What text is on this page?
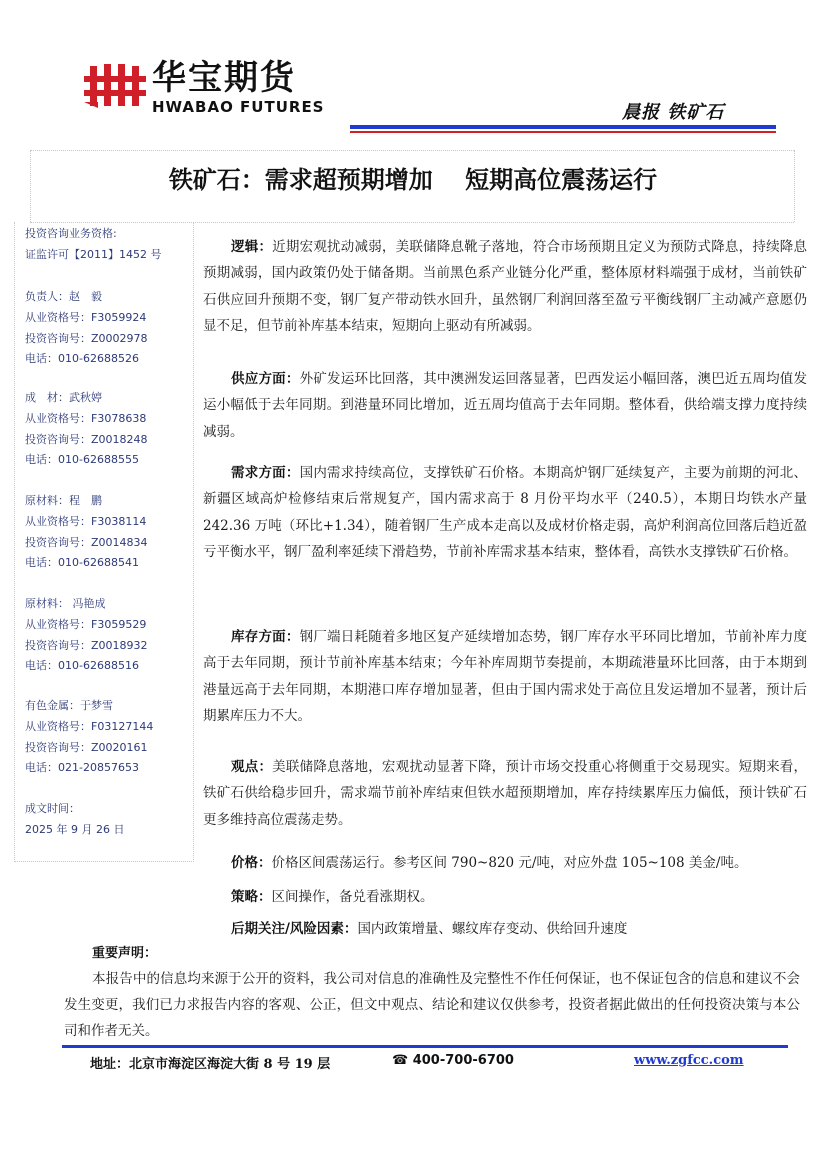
华宝期货
HWABAO FUTURES	晨报 铁矿石
铁矿石：需求超预期增加　 短期高位震荡运行
投资咨询业务资格:
证监许可【2011】1452 号
负责人：赵　毅
从业资格号：F3059924
投资咨询号：Z0002978
电话：010-62688526
成　材：武秋婷
从业资格号：F3078638
投资咨询号：Z0018248
电话：010-62688555
原材料：程　鹏
从业资格号：F3038114
投资咨询号：Z0014834
电话：010-62688541
原材料： 冯艳成
从业资格号：F3059529
投资咨询号：Z0018932
电话：010-62688516
有色金属：于梦雪
从业资格号：F03127144
投资咨询号：Z0020161
电话：021-20857653
成文时间：
2025 年 9 月 26 日

逻辑：近期宏观扰动减弱，美联储降息靴子落地，符合市场预期且定义为预防式降息，持续降息预期减弱，国内政策仍处于储备期。当前黑色系产业链分化严重，整体原材料端强于成材，当前铁矿石供应回升预期不变，钢厂复产带动铁水回升，虽然钢厂利润回落至盈亏平衡线钢厂主动减产意愿仍显不足，但节前补库基本结束，短期向上驱动有所减弱。

供应方面：外矿发运环比回落，其中澳洲发运回落显著，巴西发运小幅回落，澳巴近五周均值发运小幅低于去年同期。到港量环同比增加，近五周均值高于去年同期。整体看，供给端支撑力度持续减弱。

需求方面：国内需求持续高位，支撑铁矿石价格。本期高炉钢厂延续复产，主要为前期的河北、新疆区域高炉检修结束后常规复产，国内需求高于 8 月份平均水平（240.5），本期日均铁水产量 242.36 万吨（环比+1.34），随着钢厂生产成本走高以及成材价格走弱，高炉利润高位回落后趋近盈亏平衡水平，钢厂盈利率延续下滑趋势，节前补库需求基本结束，整体看，高铁水支撑铁矿石价格。

库存方面：钢厂端日耗随着多地区复产延续增加态势，钢厂库存水平环同比增加，节前补库力度高于去年同期，预计节前补库基本结束；今年补库周期节奏提前，本期疏港量环比回落，由于本期到港量远高于去年同期，本期港口库存增加显著，但由于国内需求处于高位且发运增加不显著，预计后期累库压力不大。

观点：美联储降息落地，宏观扰动显著下降，预计市场交投重心将侧重于交易现实。短期来看，铁矿石供给稳步回升，需求端节前补库结束但铁水超预期增加，库存持续累库压力偏低，预计铁矿石更多维持高位震荡走势。

价格：价格区间震荡运行。参考区间 790~820 元/吨，对应外盘 105~108 美金/吨。

策略：区间操作，备兑看涨期权。

后期关注/风险因素：国内政策增量、螺纹库存变动、供给回升速度

重要声明：
本报告中的信息均来源于公开的资料，我公司对信息的准确性及完整性不作任何保证，也不保证包含的信息和建议不会发生变更，我们已力求报告内容的客观、公正，但文中观点、结论和建议仅供参考，投资者据此做出的任何投资决策与本公司和作者无关。
地址：北京市海淀区海淀大街 8 号 19 层	☎ 400-700-6700	www.zgfcc.com
